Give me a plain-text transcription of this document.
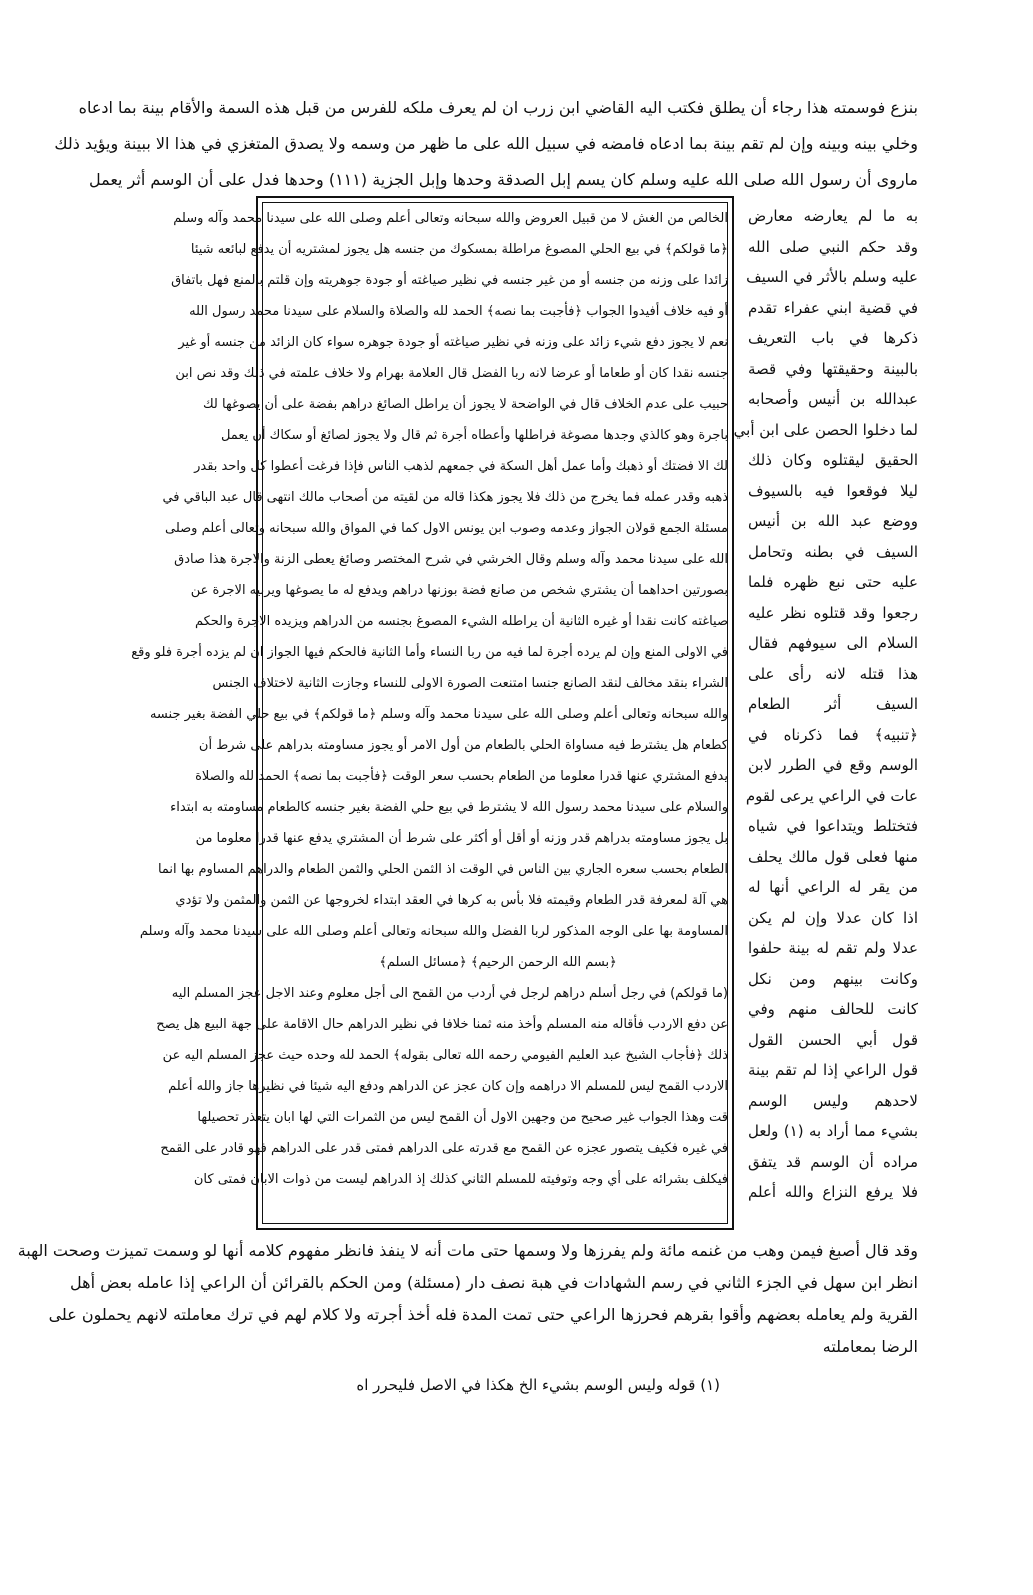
بنزع فوسمته هذا رجاء أن يطلق فكتب اليه القاضي ابن زرب ان لم يعرف ملكه للفرس من قبل هذه السمة والأقام بينة بما ادعاه
وخلي بينه وبينه وإن لم تقم بينة بما ادعاه فامضه في سبيل الله على ما ظهر من وسمه ولا يصدق المتغزي في هذا الا ببينة ويؤيد ذلك
ماروى أن رسول الله صلى الله عليه وسلم كان يسم إبل الصدقة وحدها وإبل الجزية (١١١) وحدها فدل على أن الوسم أثر يعمل
به ما لم يعارضه معارض
وقد حكم النبي صلى الله
عليه وسلم بالأثر في السيف
في قضية ابني عفراء تقدم
ذكرها في باب التعريف
بالبينة وحقيقتها وفي قصة
عبدالله بن أنيس وأصحابه
لما دخلوا الحصن على ابن أبي
الحقيق ليقتلوه وكان ذلك
ليلا فوقعوا فيه بالسيوف
ووضع عبد الله بن أنيس
السيف في بطنه وتحامل
عليه حتى نبع ظهره فلما
رجعوا وقد قتلوه نظر عليه
السلام الى سيوفهم فقال
هذا قتله لانه رأى على
السيف أثر الطعام
﴿تنبيه﴾ فما ذكرناه في
الوسم وقع في الطرر لابن
عات في الراعي يرعى لقوم
فتختلط ويتداعوا في شياه
منها فعلى قول مالك يحلف
من يقر له الراعي أنها له
اذا كان عدلا وإن لم يكن
عدلا ولم تقم له بينة حلفوا
وكانت بينهم ومن نكل
كانت للحالف منهم وفي
قول أبي الحسن القول
قول الراعي إذا لم تقم بينة
لاحدهم وليس الوسم
بشيء مما أراد به (١) ولعل
مراده أن الوسم قد يتفق
فلا يرفع النزاع والله أعلم
الخالص من الغش لا من قبيل العروض والله سبحانه وتعالى أعلم وصلى الله على سيدنا محمد وآله وسلم
﴿ما قولكم﴾ في بيع الحلي المصوغ مراطلة بمسكوك من جنسه هل يجوز لمشتريه أن يدفع لبائعه شيئا
زائدا على وزنه من جنسه أو من غير جنسه في نظير صياغته أو جودة جوهريته وإن قلتم بالمنع فهل باتفاق
أو فيه خلاف أفيدوا الجواب ﴿فأجبت بما نصه﴾ الحمد لله والصلاة والسلام على سيدنا محمد رسول الله
نعم لا يجوز دفع شيء زائد على وزنه في نظير صياغته أو جودة جوهره سواء كان الزائد من جنسه أو غير
جنسه نقدا كان أو طعاما أو عرضا لانه ربا الفضل قال العلامة بهرام ولا خلاف علمته في ذلك وقد نص ابن
حبيب على عدم الخلاف قال في الواضحة لا يجوز أن يراطل الصائغ دراهم بفضة على أن يصوغها لك
باجرة وهو كالذي وجدها مصوغة فراطلها وأعطاه أجرة ثم قال ولا يجوز لصائغ أو سكاك أن يعمل
لك الا فضتك أو ذهبك وأما عمل أهل السكة في جمعهم لذهب الناس فإذا فرغت أعطوا كل واحد بقدر
ذهبه وقدر عمله فما يخرج من ذلك فلا يجوز هكذا قاله من لقيته من أصحاب مالك انتهى قال عبد الباقي في
مسئلة الجمع قولان الجواز وعدمه وصوب ابن يونس الاول كما في المواق والله سبحانه وتعالى أعلم وصلى
الله على سيدنا محمد وآله وسلم وقال الخرشي في شرح المختصر وصائغ يعطى الزنة والاجرة هذا صادق
بصورتين احداهما أن يشتري شخص من صانع فضة بوزنها دراهم ويدفع له ما يصوغها ويربيه الاجرة عن
صياغته كانت نقدا أو غيره الثانية أن يراطله الشيء المصوغ بجنسه من الدراهم ويزيده الاجرة والحكم
في الاولى المنع وإن لم يرده أجرة لما فيه من ربا النساء وأما الثانية فالحكم فيها الجواز ان لم يزده أجرة فلو وقع
الشراء بنقد مخالف لنقد الصانع جنسا امتنعت الصورة الاولى للنساء وجازت الثانية لاختلاف الجنس
والله سبحانه وتعالى أعلم وصلى الله على سيدنا محمد وآله وسلم ﴿ما قولكم﴾ في بيع حلي الفضة بغير جنسه
كطعام هل يشترط فيه مساواة الحلي بالطعام من أول الامر أو يجوز مساومته بدراهم على شرط أن
يدفع المشتري عنها قدرا معلوما من الطعام بحسب سعر الوقت ﴿فأجبت بما نصه﴾ الحمد لله والصلاة
والسلام على سيدنا محمد رسول الله لا يشترط في بيع حلي الفضة بغير جنسه كالطعام مساومته به ابتداء
بل يجوز مساومته بدراهم قدر وزنه أو أقل أو أكثر على شرط أن المشتري يدفع عنها قدرا معلوما من
الطعام بحسب سعره الجاري بين الناس في الوقت اذ الثمن الحلي والثمن الطعام والدراهم المساوم بها انما
هي آلة لمعرفة قدر الطعام وقيمته فلا بأس به كرها في العقد ابتداء لخروجها عن الثمن والمثمن ولا تؤدي
المساومة بها على الوجه المذكور لربا الفضل والله سبحانه وتعالى أعلم وصلى الله على سيدنا محمد وآله وسلم
﴿بسم الله الرحمن الرحيم﴾ ﴿مسائل السلم﴾
(ما قولكم) في رجل أسلم دراهم لرجل في أردب من القمح الى أجل معلوم وعند الاجل عجز المسلم اليه
عن دفع الاردب فأقاله منه المسلم وأخذ منه ثمنا خلافا في نظير الدراهم حال الاقامة على جهة البيع هل يصح
ذلك ﴿فأجاب الشيخ عبد العليم الفيومي رحمه الله تعالى بقوله﴾ الحمد لله وحده حيث عجز المسلم اليه عن
الاردب القمح ليس للمسلم الا دراهمه وإن كان عجز عن الدراهم ودفع اليه شيئا في نظيرها جاز والله أعلم
قت وهذا الجواب غير صحيح من وجهين الاول أن القمح ليس من الثمرات التي لها ابان يتعذر تحصيلها
في غيره فكيف يتصور عجزه عن القمح مع قدرته على الدراهم فمتى قدر على الدراهم فهو قادر على القمح
فيكلف بشرائه على أي وجه وتوفيته للمسلم الثاني كذلك إذ الدراهم ليست من ذوات الابان فمتى كان
وقد قال أصبغ فيمن وهب من غنمه مائة ولم يفرزها ولا وسمها حتى مات أنه لا ينفذ فانظر مفهوم كلامه أنها لو وسمت تميزت وصحت الهبة
انظر ابن سهل في الجزء الثاني في رسم الشهادات في هبة نصف دار (مسئلة) ومن الحكم بالقرائن أن الراعي إذا عامله بعض أهل
القرية ولم يعامله بعضهم وأقوا بقرهم فحرزها الراعي حتى تمت المدة فله أخذ أجرته ولا كلام لهم في ترك معاملته لانهم يحملون على
الرضا بمعاملته
(١) قوله وليس الوسم بشيء الخ هكذا في الاصل فليحرر اه
